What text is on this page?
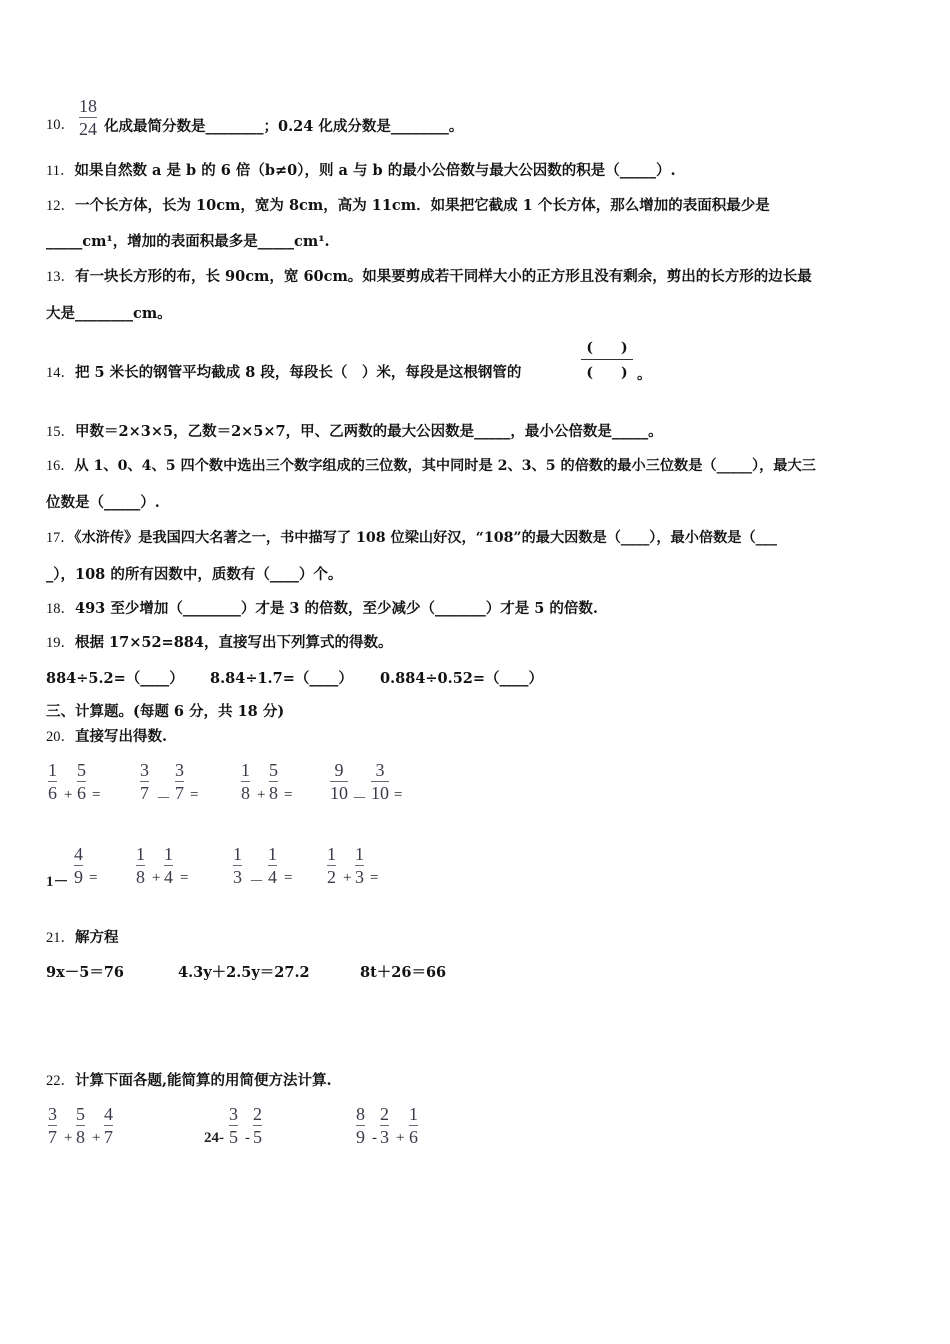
10．
18
24 化成最简分数是________；0.24 化成分数是________。
11．如果自然数 a 是 b 的 6 倍（b≠0），则 a 与 b 的最小公倍数与最大公因数的积是（_____）.
12．一个长方体，长为 10cm，宽为 8cm，高为 11cm．如果把它截成 1 个长方体，那么增加的表面积最少是
_____cm¹，增加的表面积最多是_____cm¹.
13．有一块长方形的布，长 90cm，宽 60cm。如果要剪成若干同样大小的正方形且没有剩余，剪出的长方形的边长最
大是________cm。
14．把 5 米长的钢管平均截成 8 段，每段长（　）米，每段是这根钢管的
(　　)
(　　) 。
15．甲数＝2×3×5，乙数＝2×5×7，甲、乙两数的最大公因数是_____，最小公倍数是_____。
16．从 1、0、4、5 四个数中选出三个数字组成的三位数，其中同时是 2、3、5 的倍数的最小三位数是（_____），最大三
位数是（_____）.
17．《水浒传》是我国四大名著之一，书中描写了 108 位梁山好汉，“108”的最大因数是（____），最小倍数是（___
_），108 的所有因数中，质数有（____）个。
18．493 至少增加（________）才是 3 的倍数，至少减少（_______）才是 5 的倍数.
19．根据 17×52=884，直接写出下列算式的得数。
884÷5.2=（____） 8.84÷1.7=（____） 0.884÷0.52=（____）
三、计算题。(每题 6 分，共 18 分)
20．直接写出得数.
1
6 +
5
6 =
3
7 －
3
7 =
1
8 +
5
8 =
9
10 －
3
10 =
1－
4
9 =
1
8 +
1
4 =
1
3 －
1
4 =
1
2 +
1
3 =
21．解方程
9x－5＝76	4.3y＋2.5y＝27.2	8t＋26＝66
22．计算下面各题,能简算的用简便方法计算.
3
7 +
5
8 +
4
7	24-
3
5 -
2
5
8
9 -
2
3 +
1
6
